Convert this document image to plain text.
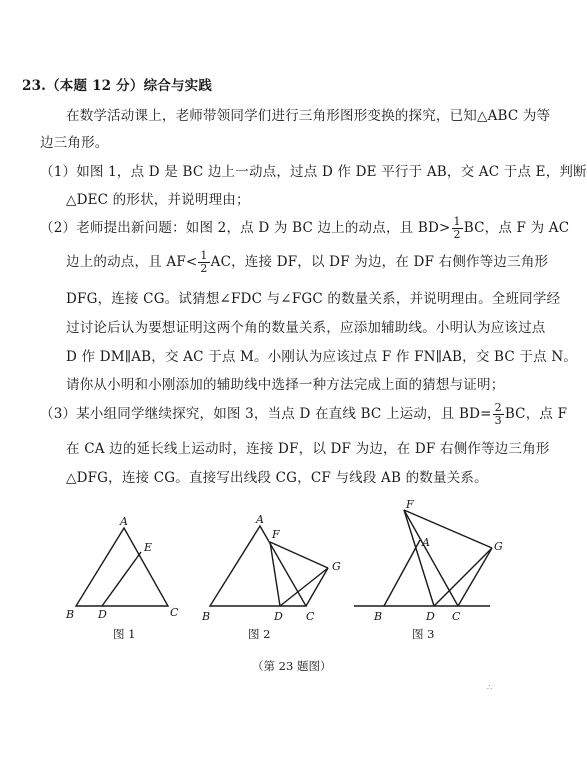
23.（本题 12 分）综合与实践
在数学活动课上，老师带领同学们进行三角形图形变换的探究，已知△ABC 为等
边三角形。
（1）如图 1，点 D 是 BC 边上一动点，过点 D 作 DE 平行于 AB，交 AC 于点 E，判断
△DEC 的形状，并说明理由；
（2）老师提出新问题：如图 2，点 D 为 BC 边上的动点，且 $BD> \frac{1}{2}$ BC，点 F 为 AC
边上的动点，且 $AF< \frac{1}{2}$ AC，连接 DF，以 DF 为边，在 DF 右侧作等边三角形
DFG，连接 CG。试猜想∠FDC 与∠FGC 的数量关系，并说明理由。全班同学经
过讨论后认为要想证明这两个角的数量关系，应添加辅助线。小明认为应该过点
D 作 DM∥AB，交 AC 于点 M。小刚认为应该过点 F 作 FN∥AB，交 BC 于点 N。
请你从小明和小刚添加的辅助线中选择一种方法完成上面的猜想与证明；
（3）某小组同学继续探究，如图 3，当点 D 在直线 BC 上运动，且 $BD= \frac{2}{3}$ BC，点 F
在 CA 边的延长线上运动时，连接 DF，以 DF 为边，在 DF 右侧作等边三角形
△DFG，连接 CG。直接写出线段 CG，CF 与线段 AB 的数量关系。
A
E
B D	C
图 1
A
F
G
B	D C
图 2
F
A	G
B	D C
图 3
（第 23 题图）
∴
